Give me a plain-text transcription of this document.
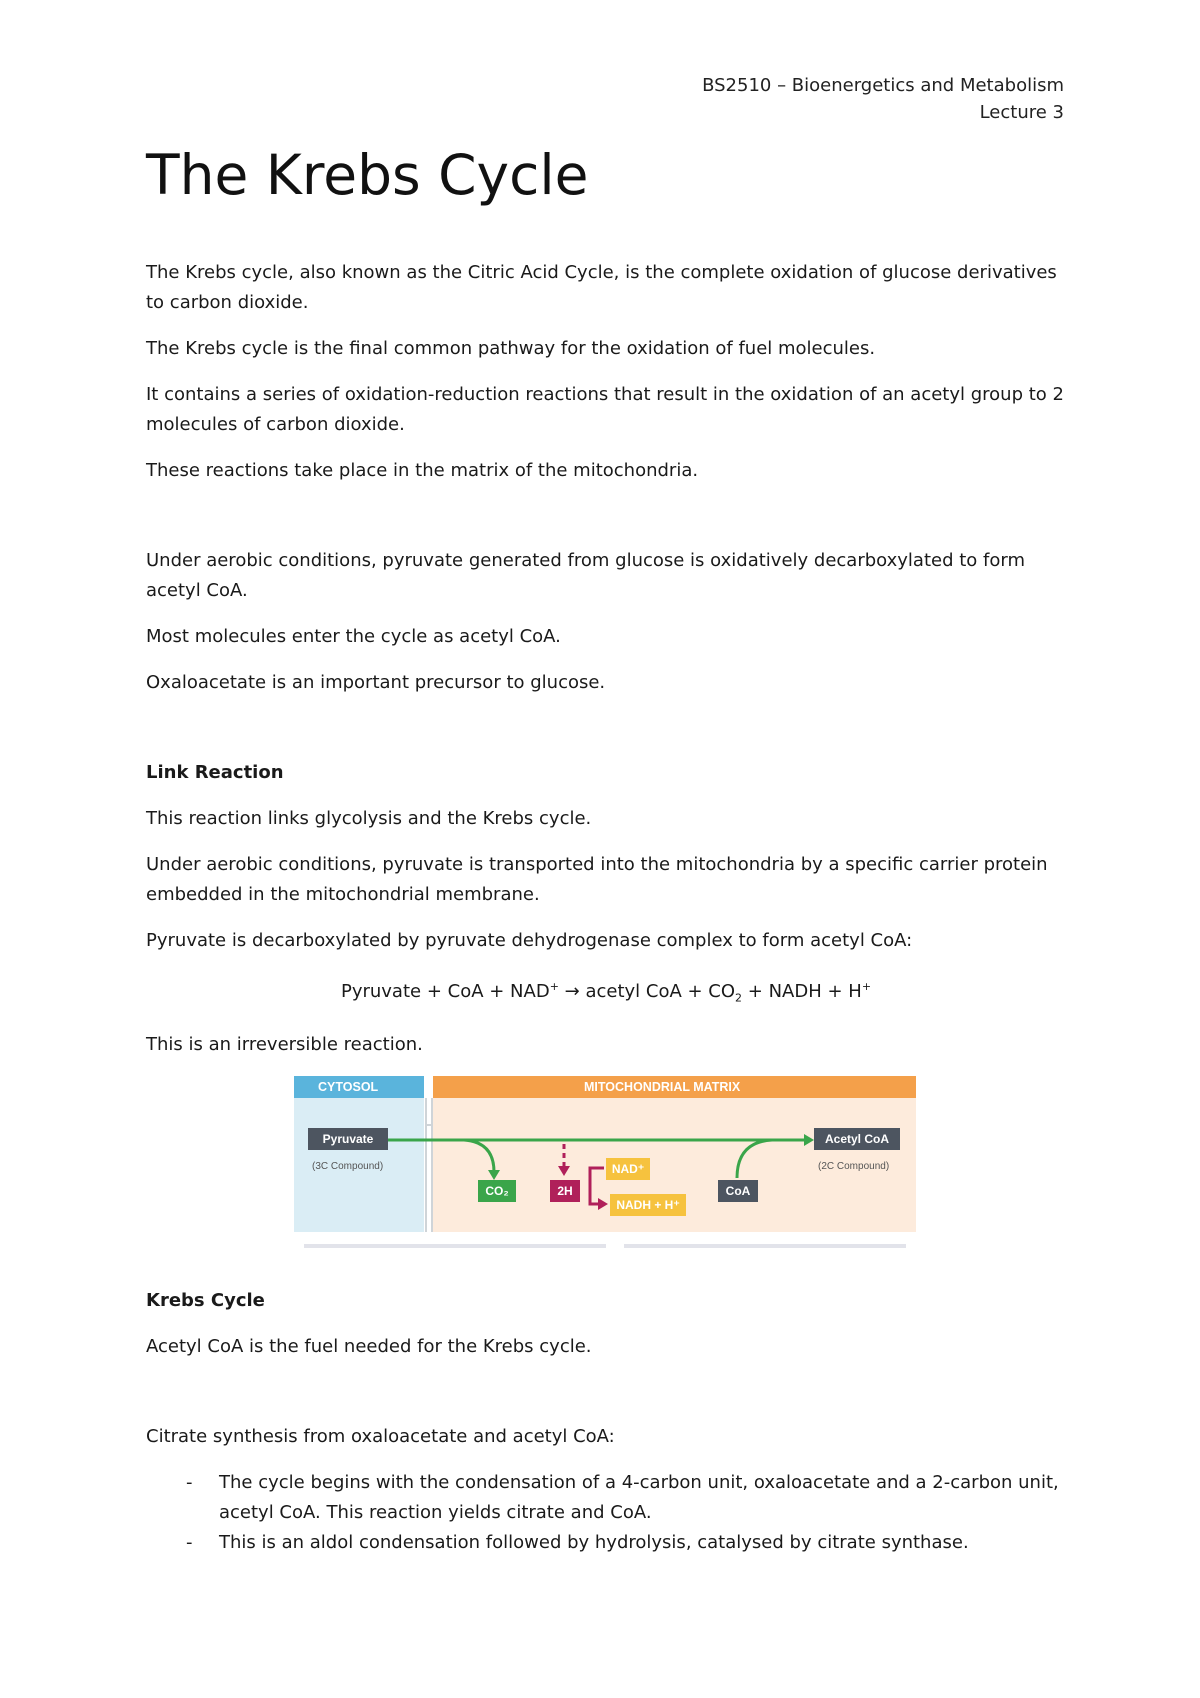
BS2510 – Bioenergetics and Metabolism
Lecture 3
The Krebs Cycle

The Krebs cycle, also known as the Citric Acid Cycle, is the complete oxidation of glucose derivatives to carbon dioxide.

The Krebs cycle is the final common pathway for the oxidation of fuel molecules.

It contains a series of oxidation-reduction reactions that result in the oxidation of an acetyl group to 2 molecules of carbon dioxide.

These reactions take place in the matrix of the mitochondria.

Under aerobic conditions, pyruvate generated from glucose is oxidatively decarboxylated to form acetyl CoA.

Most molecules enter the cycle as acetyl CoA.

Oxaloacetate is an important precursor to glucose.

Link Reaction

This reaction links glycolysis and the Krebs cycle.

Under aerobic conditions, pyruvate is transported into the mitochondria by a specific carrier protein embedded in the mitochondrial membrane.

Pyruvate is decarboxylated by pyruvate dehydrogenase complex to form acetyl CoA:

Pyruvate + CoA + NAD+ → acetyl CoA + $CO_2$ + NADH + H+

This is an irreversible reaction.

CYTOSOL	MITOCHONDRIAL MATRIX
Pyruvate
(3C Compound)
Acetyl CoA
(2C Compound)
CO₂	2H
NAD⁺
NADH + H⁺
CoA

Krebs Cycle

Acetyl CoA is the fuel needed for the Krebs cycle.

Citrate synthesis from oxaloacetate and acetyl CoA:

- The cycle begins with the condensation of a 4-carbon unit, oxaloacetate and a 2-carbon unit, acetyl CoA. This reaction yields citrate and CoA.
- This is an aldol condensation followed by hydrolysis, catalysed by citrate synthase.
